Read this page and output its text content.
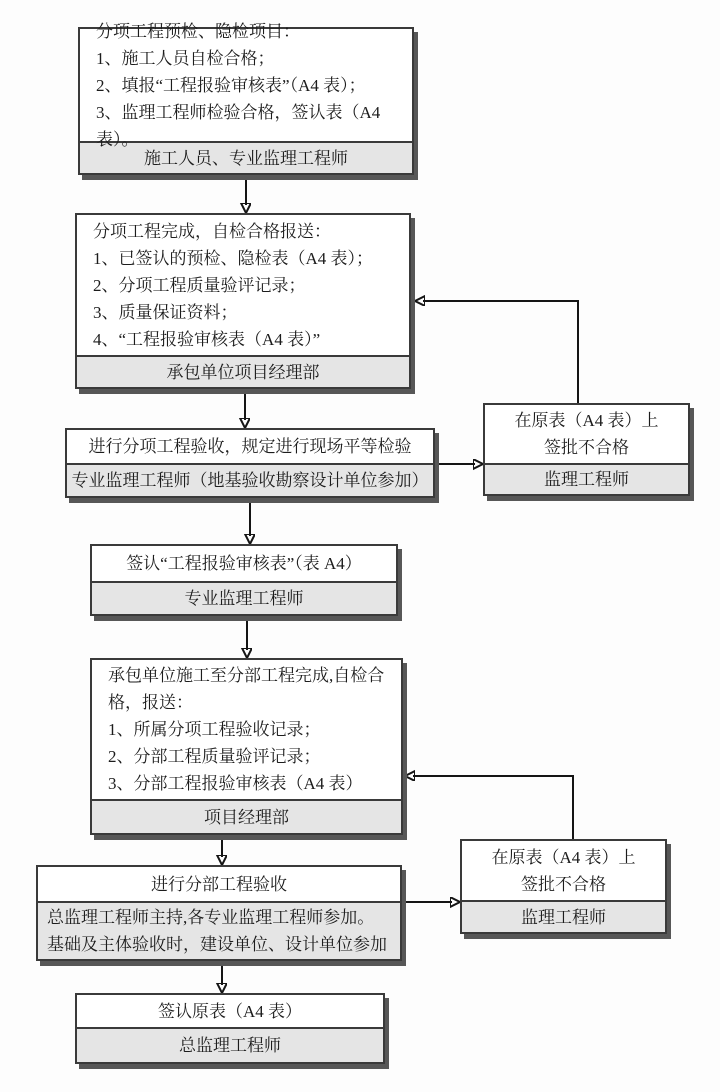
分项工程预检、隐检项目：
1、施工人员自检合格；
2、填报“工程报验审核表”（A4 表）；
3、监理工程师检验合格，签认表（A4 表）。
施工人员、专业监理工程师
分项工程完成，自检合格报送：
1、已签认的预检、隐检表（A4 表）；
2、分项工程质量验评记录；
3、质量保证资料；
4、“工程报验审核表（A4 表）”
承包单位项目经理部
进行分项工程验收，规定进行现场平等检验
专业监理工程师（地基验收勘察设计单位参加）
在原表（A4 表）上
签批不合格
监理工程师
签认“工程报验审核表”（表 A4）
专业监理工程师
承包单位施工至分部工程完成,自检合格，报送：
1、所属分项工程验收记录；
2、分部工程质量验评记录；
3、分部工程报验审核表（A4 表）
项目经理部
进行分部工程验收
总监理工程师主持,各专业监理工程师参加。基础及主体验收时，建设单位、设计单位参加
在原表（A4 表）上
签批不合格
监理工程师
签认原表（A4 表）
总监理工程师
